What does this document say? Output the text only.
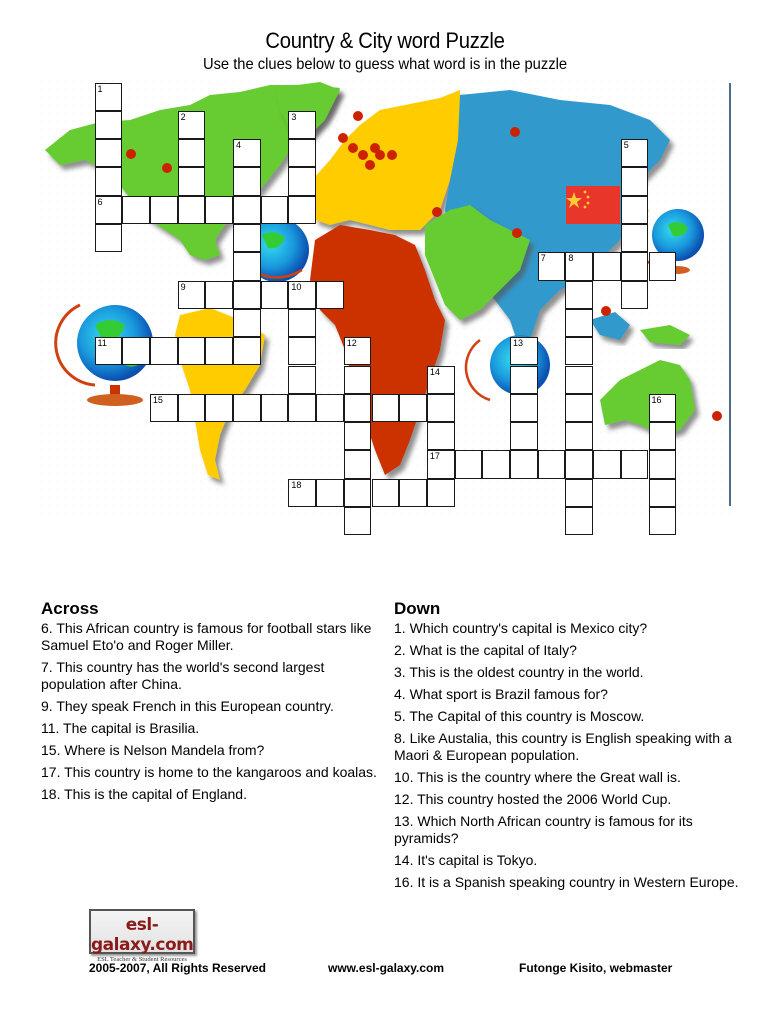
Country & City word Puzzle
Use the clues below to guess what word is in the puzzle
1
6
2	3
4	5
7	8
9	10
11	12	13
14
17
15	16
18
Across

6. This African country is famous for football stars like Samuel Eto'o and Roger Miller.

7. This country has the world's second largest population after China.

9. They speak French in this European country.

11. The capital is Brasilia.

15. Where is Nelson Mandela from?

17. This country is home to the kangaroos and koalas.

18. This is the capital of England.

Down

1. Which country's capital is Mexico city?

2. What is the capital of Italy?

3. This is the oldest country in the world.

4. What sport is Brazil famous for?

5. The Capital of this country is Moscow.

8. Like Austalia, this country is English speaking with a Maori & European population.

10. This is the country where the Great wall is.

12. This country hosted the 2006 World Cup.

13. Which North African country is famous for its pyramids?

14. It's capital is Tokyo.

16. It is a Spanish speaking country in Western Europe.

esl-galaxy.com
ESL Teacher & Student Resources
2005-2007, All Rights Reserved	www.esl-galaxy.com	Futonge Kisito, webmaster
